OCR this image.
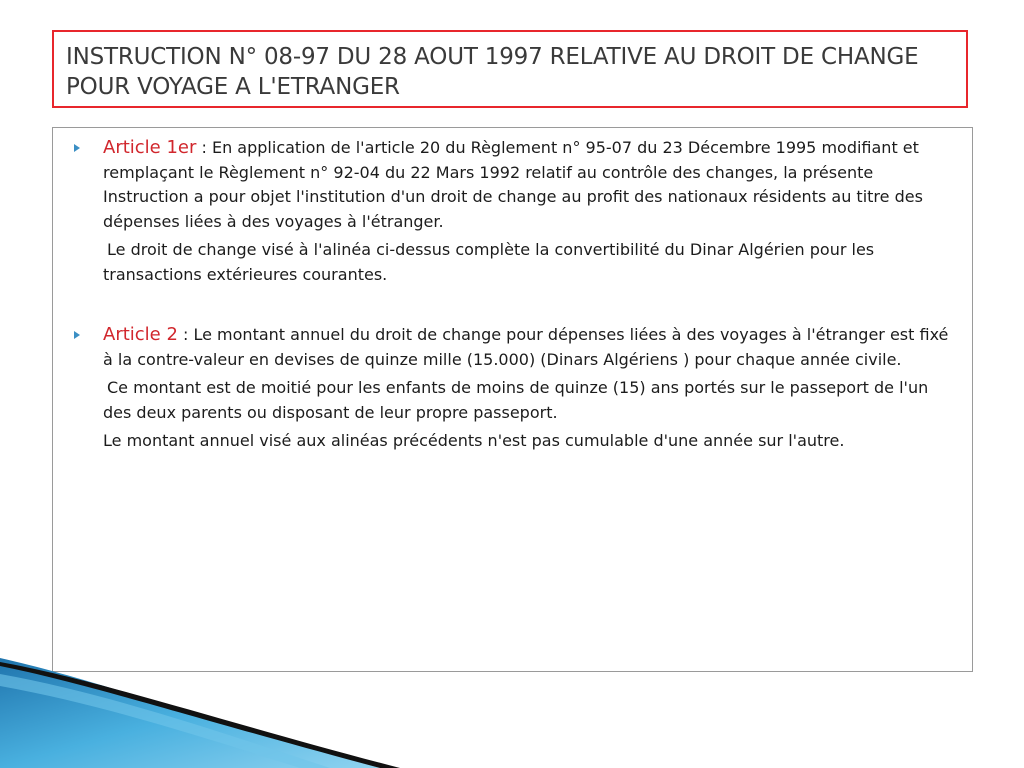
INSTRUCTION N° 08-97 DU 28 AOUT 1997 RELATIVE AU DROIT DE CHANGE POUR VOYAGE A L'ETRANGER

Article 1er : En application de l'article 20 du Règlement n° 95-07 du 23 Décembre 1995 modifiant et remplaçant le Règlement n° 92-04 du 22 Mars 1992 relatif au contrôle des changes, la présente Instruction a pour objet l'institution d'un droit de change au profit des nationaux résidents au titre des dépenses liées à des voyages à l'étranger.

Le droit de change visé à l'alinéa ci-dessus complète la convertibilité du Dinar Algérien pour les transactions extérieures courantes.

Article 2 : Le montant annuel du droit de change pour dépenses liées à des voyages à l'étranger est fixé à la contre-valeur en devises de quinze mille (15.000) (Dinars Algériens ) pour chaque année civile.

Ce montant est de moitié pour les enfants de moins de quinze (15) ans portés sur le passeport de l'un des deux parents ou disposant de leur propre passeport.

Le montant annuel visé aux alinéas précédents n'est pas cumulable d'une année sur l'autre.
